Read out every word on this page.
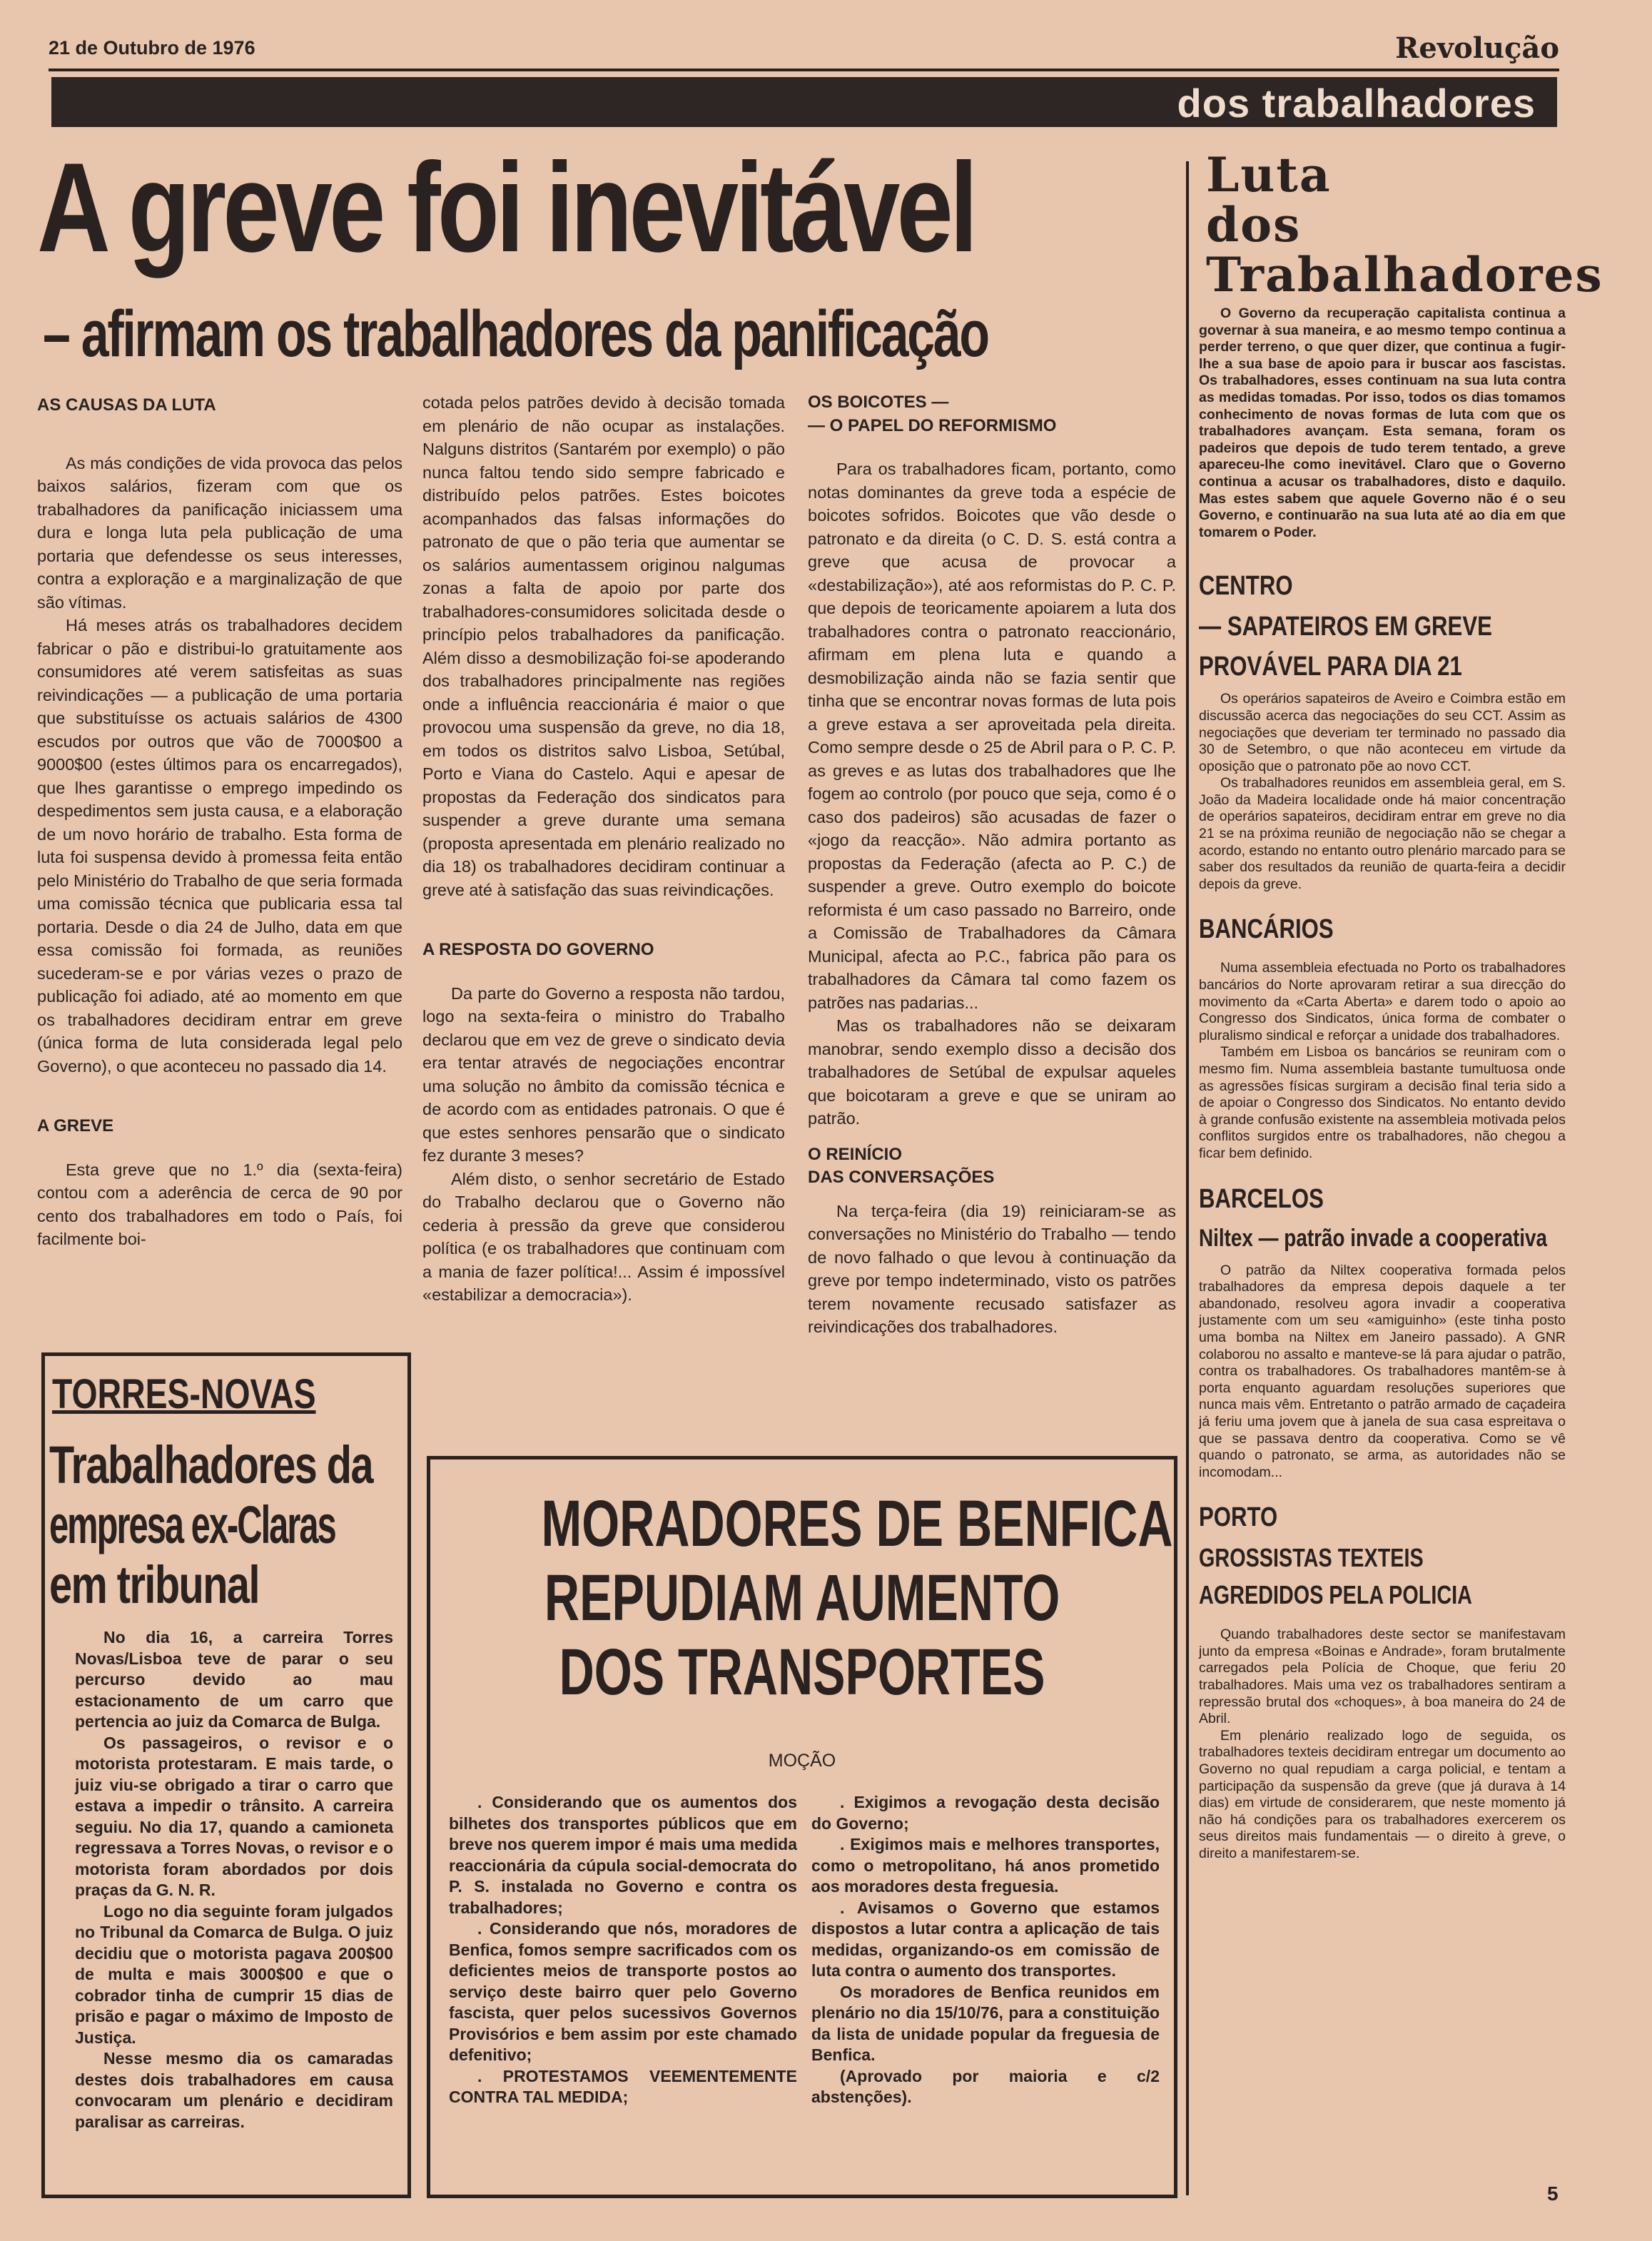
21 de Outubro de 1976	Revolução
dos trabalhadores
A greve foi inevitável
– afirmam os trabalhadores da panificação

AS CAUSAS DA LUTA

As más condições de vida provoca das pelos baixos salários, fizeram com que os trabalhadores da panificação iniciassem uma dura e longa luta pela publicação de uma portaria que defendesse os seus interesses, contra a exploração e a marginalização de que são vítimas.

Há meses atrás os trabalhadores decidem fabricar o pão e distribui-lo gratuitamente aos consumidores até verem satisfeitas as suas reivindicações — a publicação de uma portaria que substituísse os actuais salários de 4300 escudos por outros que vão de 7000$00 a 9000$00 (estes últimos para os encarregados), que lhes garantisse o emprego impedindo os despedimentos sem justa causa, e a elaboração de um novo horário de trabalho. Esta forma de luta foi suspensa devido à promessa feita então pelo Ministério do Trabalho de que seria formada uma comissão técnica que publicaria essa tal portaria. Desde o dia 24 de Julho, data em que essa comissão foi formada, as reuniões sucederam-se e por várias vezes o prazo de publicação foi adiado, até ao momento em que os trabalhadores decidiram entrar em greve (única forma de luta considerada legal pelo Governo), o que aconteceu no passado dia 14.

A GREVE

Esta greve que no 1.º dia (sexta-feira) contou com a aderência de cerca de 90 por cento dos trabalhadores em todo o País, foi facilmente boi-

cotada pelos patrões devido à decisão tomada em plenário de não ocupar as instalações. Nalguns distritos (Santarém por exemplo) o pão nunca faltou tendo sido sempre fabricado e distribuído pelos patrões. Estes boicotes acompanhados das falsas informações do patronato de que o pão teria que aumentar se os salários aumentassem originou nalgumas zonas a falta de apoio por parte dos trabalhadores-consumidores solicitada desde o princípio pelos trabalhadores da panificação. Além disso a desmobilização foi-se apoderando dos trabalhadores principalmente nas regiões onde a influência reaccionária é maior o que provocou uma suspensão da greve, no dia 18, em todos os distritos salvo Lisboa, Setúbal, Porto e Viana do Castelo. Aqui e apesar de propostas da Federação dos sindicatos para suspender a greve durante uma semana (proposta apresentada em plenário realizado no dia 18) os trabalhadores decidiram continuar a greve até à satisfação das suas reivindicações.

A RESPOSTA DO GOVERNO

Da parte do Governo a resposta não tardou, logo na sexta-feira o ministro do Trabalho declarou que em vez de greve o sindicato devia era tentar através de negociações encontrar uma solução no âmbito da comissão técnica e de acordo com as entidades patronais. O que é que estes senhores pensarão que o sindicato fez durante 3 meses?

Além disto, o senhor secretário de Estado do Trabalho declarou que o Governo não cederia à pressão da greve que considerou política (e os trabalhadores que continuam com a mania de fazer política!... Assim é impossível «estabilizar a democracia»).

OS BOICOTES —

— O PAPEL DO REFORMISMO

Para os trabalhadores ficam, portanto, como notas dominantes da greve toda a espécie de boicotes sofridos. Boicotes que vão desde o patronato e da direita (o C. D. S. está contra a greve que acusa de provocar a «destabilização»), até aos reformistas do P. C. P. que depois de teoricamente apoiarem a luta dos trabalhadores contra o patronato reaccionário, afirmam em plena luta e quando a desmobilização ainda não se fazia sentir que tinha que se encontrar novas formas de luta pois a greve estava a ser aproveitada pela direita. Como sempre desde o 25 de Abril para o P. C. P. as greves e as lutas dos trabalhadores que lhe fogem ao controlo (por pouco que seja, como é o caso dos padeiros) são acusadas de fazer o «jogo da reacção». Não admira portanto as propostas da Federação (afecta ao P. C.) de suspender a greve. Outro exemplo do boicote reformista é um caso passado no Barreiro, onde a Comissão de Trabalhadores da Câmara Municipal, afecta ao P.C., fabrica pão para os trabalhadores da Câmara tal como fazem os patrões nas padarias...

Mas os trabalhadores não se deixaram manobrar, sendo exemplo disso a decisão dos trabalhadores de Setúbal de expulsar aqueles que boicotaram a greve e que se uniram ao patrão.

O REINÍCIO

DAS CONVERSAÇÕES

Na terça-feira (dia 19) reiniciaram-se as conversações no Ministério do Trabalho — tendo de novo falhado o que levou à continuação da greve por tempo indeterminado, visto os patrões terem novamente recusado satisfazer as reivindicações dos trabalhadores.

TORRES-NOVAS
Trabalhadores da
empresa ex-Claras
em tribunal

No dia 16, a carreira Torres Novas/Lisboa teve de parar o seu percurso devido ao mau estacionamento de um carro que pertencia ao juiz da Comarca de Bulga.

Os passageiros, o revisor e o motorista protestaram. E mais tarde, o juiz viu-se obrigado a tirar o carro que estava a impedir o trânsito. A carreira seguiu. No dia 17, quando a camioneta regressava a Torres Novas, o revisor e o motorista foram abordados por dois praças da G. N. R.

Logo no dia seguinte foram julgados no Tribunal da Comarca de Bulga. O juiz decidiu que o motorista pagava 200$00 de multa e mais 3000$00 e que o cobrador tinha de cumprir 15 dias de prisão e pagar o máximo de Imposto de Justiça.

Nesse mesmo dia os camaradas destes dois trabalhadores em causa convocaram um plenário e decidiram paralisar as carreiras.

MORADORES DE BENFICA
REPUDIAM AUMENTO
DOS TRANSPORTES
MOÇÃO

. Considerando que os aumentos dos bilhetes dos transportes públicos que em breve nos querem impor é mais uma medida reaccionária da cúpula social-democrata do P. S. instalada no Governo e contra os trabalhadores;

. Considerando que nós, moradores de Benfica, fomos sempre sacrificados com os deficientes meios de transporte postos ao serviço deste bairro quer pelo Governo fascista, quer pelos sucessivos Governos Provisórios e bem assim por este chamado defenitivo;

. PROTESTAMOS VEEMENTEMENTE CONTRA TAL MEDIDA;

. Exigimos a revogação desta decisão do Governo;

. Exigimos mais e melhores transportes, como o metropolitano, há anos prometido aos moradores desta freguesia.

. Avisamos o Governo que estamos dispostos a lutar contra a aplicação de tais medidas, organizando-os em comissão de luta contra o aumento dos transportes.

Os moradores de Benfica reunidos em plenário no dia 15/10/76, para a constituição da lista de unidade popular da freguesia de Benfica.

(Aprovado por maioria e c/2 abstenções).

Luta
dos
Trabalhadores

O Governo da recuperação capitalista continua a governar à sua maneira, e ao mesmo tempo continua a perder terreno, o que quer dizer, que continua a fugir-lhe a sua base de apoio para ir buscar aos fascistas. Os trabalhadores, esses continuam na sua luta contra as medidas tomadas. Por isso, todos os dias tomamos conhecimento de novas formas de luta com que os trabalhadores avançam. Esta semana, foram os padeiros que depois de tudo terem tentado, a greve apareceu-lhe como inevitável. Claro que o Governo continua a acusar os trabalhadores, disto e daquilo. Mas estes sabem que aquele Governo não é o seu Governo, e continuarão na sua luta até ao dia em que tomarem o Poder.

CENTRO
— SAPATEIROS EM GREVE
PROVÁVEL PARA DIA 21

Os operários sapateiros de Aveiro e Coimbra estão em discussão acerca das negociações do seu CCT. Assim as negociações que deveriam ter terminado no passado dia 30 de Setembro, o que não aconteceu em virtude da oposição que o patronato põe ao novo CCT.

Os trabalhadores reunidos em assembleia geral, em S. João da Madeira localidade onde há maior concentração de operários sapateiros, decidiram entrar em greve no dia 21 se na próxima reunião de negociação não se chegar a acordo, estando no entanto outro plenário marcado para se saber dos resultados da reunião de quarta-feira a decidir depois da greve.

BANCÁRIOS

Numa assembleia efectuada no Porto os trabalhadores bancários do Norte aprovaram retirar a sua direcção do movimento da «Carta Aberta» e darem todo o apoio ao Congresso dos Sindicatos, única forma de combater o pluralismo sindical e reforçar a unidade dos trabalhadores.

Também em Lisboa os bancários se reuniram com o mesmo fim. Numa assembleia bastante tumultuosa onde as agressões físicas surgiram a decisão final teria sido a de apoiar o Congresso dos Sindicatos. No entanto devido à grande confusão existente na assembleia motivada pelos conflitos surgidos entre os trabalhadores, não chegou a ficar bem definido.

BARCELOS
Niltex — patrão invade a cooperativa

O patrão da Niltex cooperativa formada pelos trabalhadores da empresa depois daquele a ter abandonado, resolveu agora invadir a cooperativa justamente com um seu «amiguinho» (este tinha posto uma bomba na Niltex em Janeiro passado). A GNR colaborou no assalto e manteve-se lá para ajudar o patrão, contra os trabalhadores. Os trabalhadores mantêm-se à porta enquanto aguardam resoluções superiores que nunca mais vêm. Entretanto o patrão armado de caçadeira já feriu uma jovem que à janela de sua casa espreitava o que se passava dentro da cooperativa. Como se vê quando o patronato, se arma, as autoridades não se incomodam...

PORTO
GROSSISTAS TEXTEIS
AGREDIDOS PELA POLICIA

Quando trabalhadores deste sector se manifestavam junto da empresa «Boinas e Andrade», foram brutalmente carregados pela Polícia de Choque, que feriu 20 trabalhadores. Mais uma vez os trabalhadores sentiram a repressão brutal dos «choques», à boa maneira do 24 de Abril.

Em plenário realizado logo de seguida, os trabalhadores texteis decidiram entregar um documento ao Governo no qual repudiam a carga policial, e tentam a participação da suspensão da greve (que já durava à 14 dias) em virtude de considerarem, que neste momento já não há condições para os trabalhadores exercerem os seus direitos mais fundamentais — o direito à greve, o direito a manifestarem-se.

5
